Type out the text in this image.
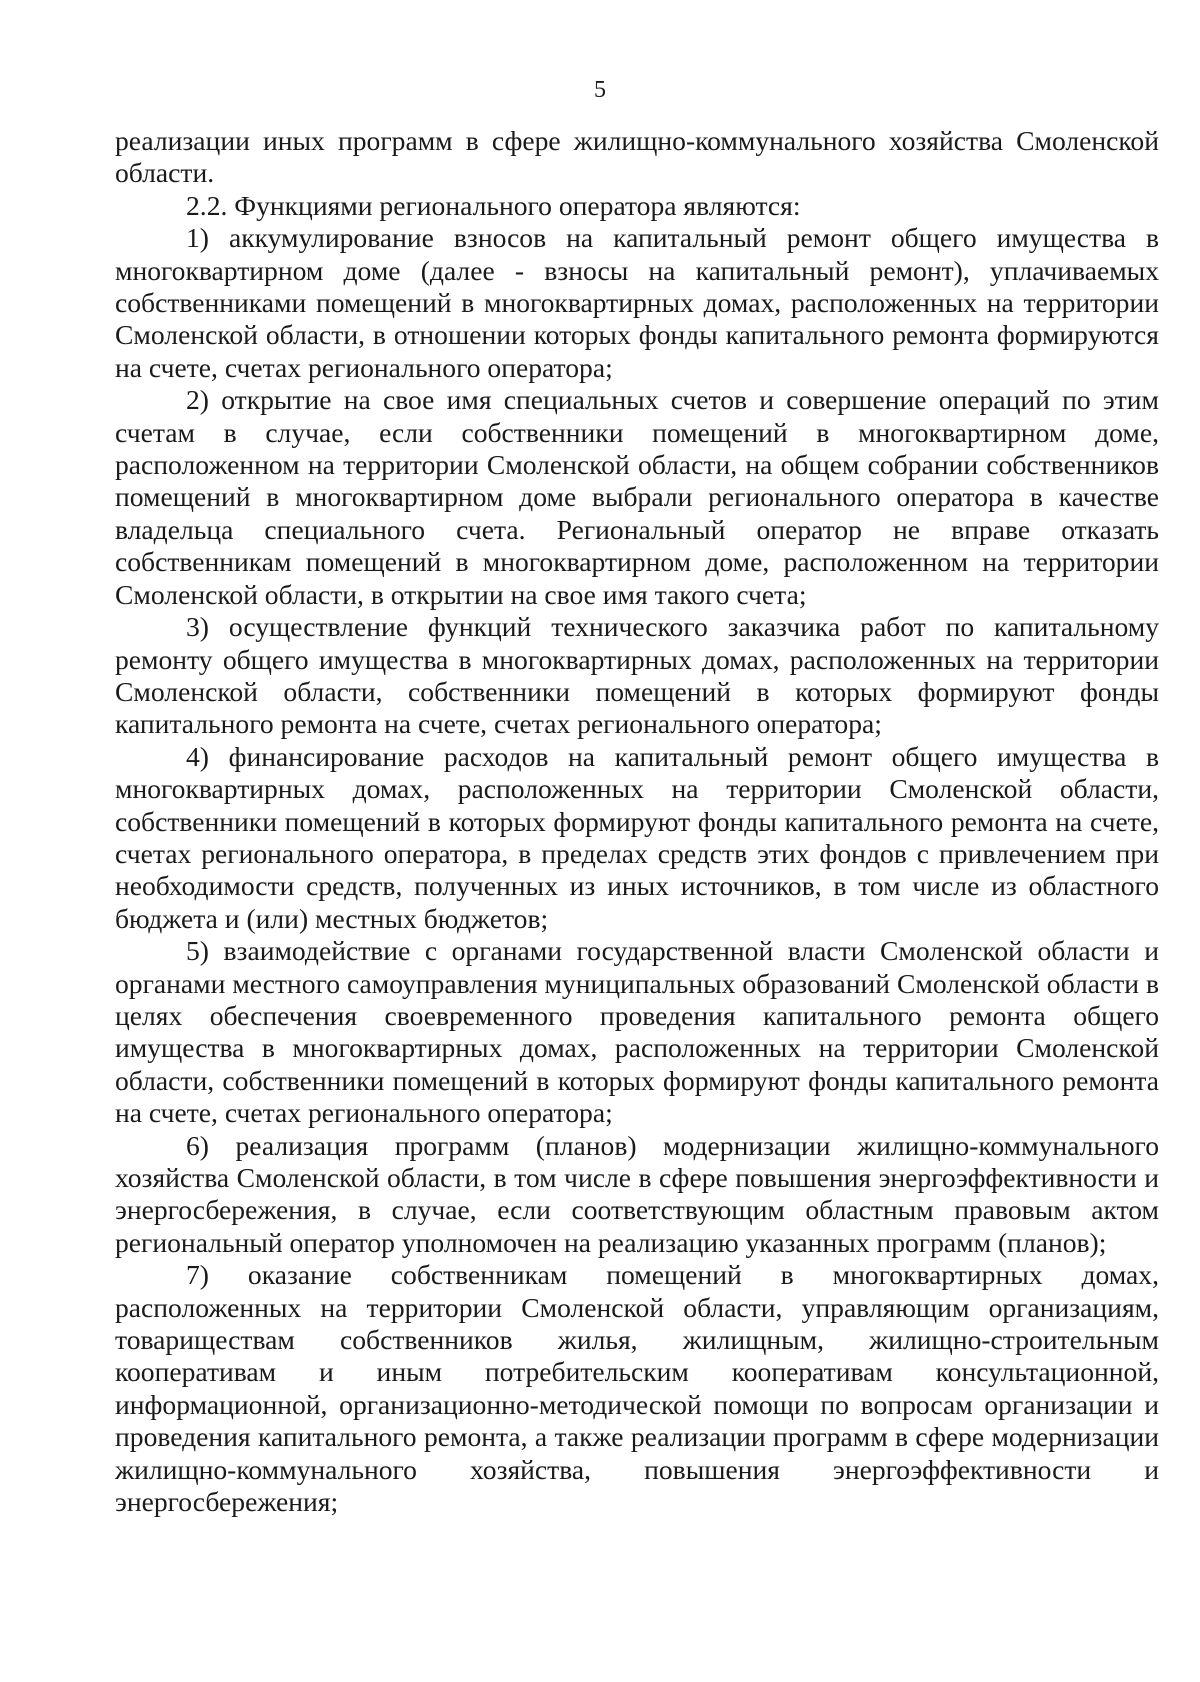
5

реализации иных программ в сфере жилищно-коммунального хозяйства Смоленской области.

2.2. Функциями регионального оператора являются:

1) аккумулирование взносов на капитальный ремонт общего имущества в многоквартирном доме (далее - взносы на капитальный ремонт), уплачиваемых собственниками помещений в многоквартирных домах, расположенных на территории Смоленской области, в отношении которых фонды капитального ремонта формируются на счете, счетах регионального оператора;

2) открытие на свое имя специальных счетов и совершение операций по этим счетам в случае, если собственники помещений в многоквартирном доме, расположенном на территории Смоленской области, на общем собрании собственников помещений в многоквартирном доме выбрали регионального оператора в качестве владельца специального счета. Региональный оператор не вправе отказать собственникам помещений в многоквартирном доме, расположенном на территории Смоленской области, в открытии на свое имя такого счета;

3) осуществление функций технического заказчика работ по капитальному ремонту общего имущества в многоквартирных домах, расположенных на территории Смоленской области, собственники помещений в которых формируют фонды капитального ремонта на счете, счетах регионального оператора;

4) финансирование расходов на капитальный ремонт общего имущества в многоквартирных домах, расположенных на территории Смоленской области, собственники помещений в которых формируют фонды капитального ремонта на счете, счетах регионального оператора, в пределах средств этих фондов с привлечением при необходимости средств, полученных из иных источников, в том числе из областного бюджета и (или) местных бюджетов;

5) взаимодействие с органами государственной власти Смоленской области и органами местного самоуправления муниципальных образований Смоленской области в целях обеспечения своевременного проведения капитального ремонта общего имущества в многоквартирных домах, расположенных на территории Смоленской области, собственники помещений в которых формируют фонды капитального ремонта на счете, счетах регионального оператора;

6) реализация программ (планов) модернизации жилищно-коммунального хозяйства Смоленской области, в том числе в сфере повышения энергоэффективности и энергосбережения, в случае, если соответствующим областным правовым актом региональный оператор уполномочен на реализацию указанных программ (планов);

7) оказание собственникам помещений в многоквартирных домах, расположенных на территории Смоленской области, управляющим организациям, товариществам собственников жилья, жилищным, жилищно-строительным кооперативам и иным потребительским кооперативам консультационной, информационной, организационно-методической помощи по вопросам организации и проведения капитального ремонта, а также реализации программ в сфере модернизации жилищно-коммунального хозяйства, повышения энергоэффективности и энергосбережения;
